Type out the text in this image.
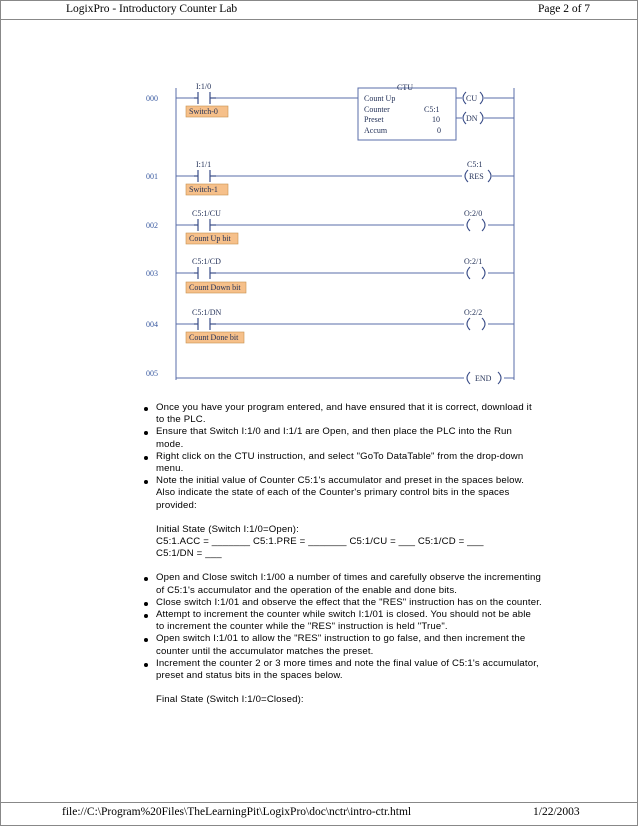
LogixPro - Introductory Counter Lab	Page 2 of 7
000
001
002
003
004
005
I:1/0
Switch-0
CTU
Count Up
Counter	C5:1
Preset	10
Accum	0
CU
DN
I:1/1
Switch-1
C5:1
RES
C5:1/CU
Count Up bit
O:2/0
C5:1/CD
Count Down bit
O:2/1
C5:1/DN
Count Done bit
O:2/2
END
Once you have your program entered, and have ensured that it is correct, download it to the PLC.
Ensure that Switch I:1/0 and I:1/1 are Open, and then place the PLC into the Run mode.
Right click on the CTU instruction, and select "GoTo DataTable" from the drop-down menu.
Note the initial value of Counter C5:1's accumulator and preset in the spaces below. Also indicate the state of each of the Counter's primary control bits in the spaces provided:
Initial State (Switch I:1/0=Open):
C5:1.ACC = _______ C5:1.PRE = _______ C5:1/CU = ___ C5:1/CD = ___
C5:1/DN = ___
Open and Close switch I:1/00 a number of times and carefully observe the incrementing of C5:1's accumulator and the operation of the enable and done bits.
Close switch I:1/01 and observe the effect that the "RES" instruction has on the counter.
Attempt to increment the counter while switch I:1/01 is closed. You should not be able to increment the counter while the "RES" instruction is held "True".
Open switch I:1/01 to allow the "RES" instruction to go false, and then increment the counter until the accumulator matches the preset.
Increment the counter 2 or 3 more times and note the final value of C5:1's accumulator, preset and status bits in the spaces below.
Final State (Switch I:1/0=Closed):
file://C:\Program%20Files\TheLearningPit\LogixPro\doc\nctr\intro-ctr.html	1/22/2003
